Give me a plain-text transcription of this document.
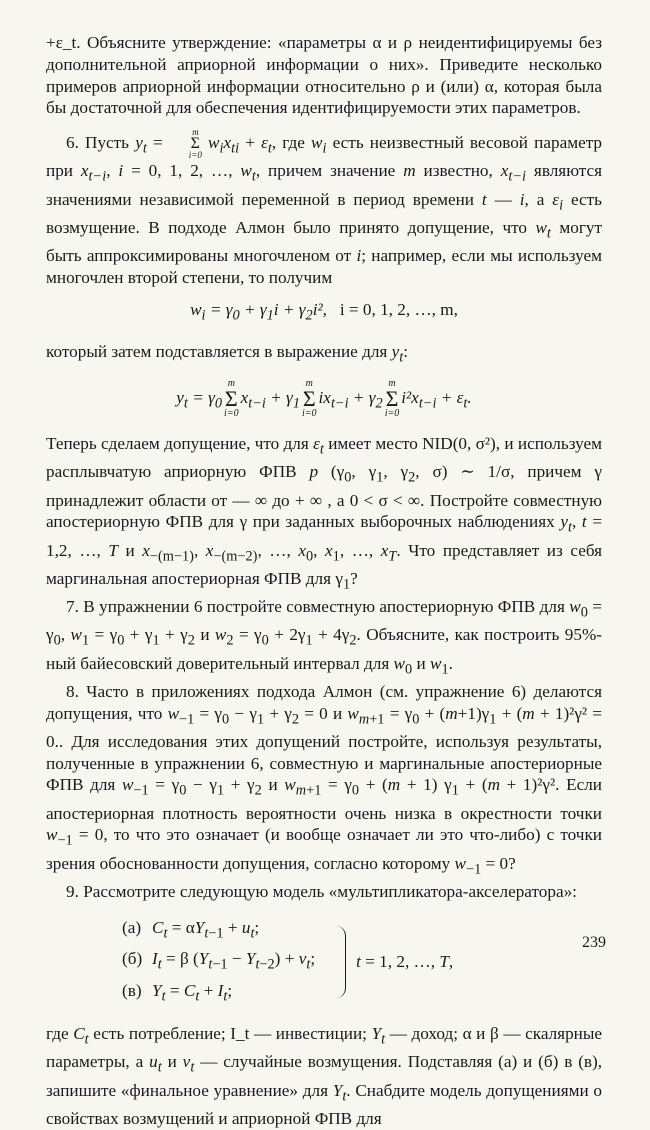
+ε_t. Объясните утверждение: «параметры α и ρ неидентифицируемы без дополнительной априорной информации о них». Приведите несколько примеров априорной информации относительно ρ и (или) α, которая была бы достаточной для обеспечения идентифицируемости этих параметров.

6. Пусть $y_t$ =
m
Σ
i=0
$w_ix_{ti} + \varepsilon_t$, где $w_i$ есть неизвестный весовой параметр при $x_{t-i}$, i = 0, 1, 2, …, $w_t$, причем значение m известно, $x_{t-i}$ являются значениями независимой переменной в период времени t — i, а $\varepsilon_i$ есть возмущение. В подходе Алмон было принято допущение, что $w_t$ могут быть аппроксимированы многочленом от i; например, если мы используем многочлен второй степени, то получим

$w_i = \gamma_0 + \gamma_1i + \gamma_2i^2$,   i = 0, 1, 2, …, m,

который затем подставляется в выражение для $y_t$:

$y_t = \gamma_0$
m
Σ
i=0
$x_{t-i} + \gamma_1$
m
Σ
i=0
$ix_{t-i} + \gamma_2$
m
Σ
i=0
$i^2x_{t-i} + \varepsilon_t$.

Теперь сделаем допущение, что для $\varepsilon_t$ имеет место NID(0, σ²), и используем расплывчатую априорную ФПВ p ($\gamma_0$, $\gamma_1$, $\gamma_2$, σ) ∼ 1/σ, причем γ принадлежит области от — ∞ до + ∞ , а 0 < σ < ∞. Постройте совместную апостериорную ФПВ для γ при заданных выборочных наблюдениях $y_t$, t = 1,2, …, T и $x_{-(m-1)}$, $x_{-(m-2)}$, …, $x_0$, $x_1$, …, $x_T$. Что представляет из себя маргинальная апостериорная ФПВ для $\gamma_1$?

7. В упражнении 6 постройте совместную апостериорную ФПВ для $w_0 = \gamma_0$, $w_1 = \gamma_0 + \gamma_1 + \gamma_2$ и $w_2 = \gamma_0 + 2\gamma_1 + 4\gamma_2$. Объясните, как построить 95%-ный байесовский доверительный интервал для $w_0$ и $w_1$.

8. Часто в приложениях подхода Алмон (см. упражнение 6) делаются допущения, что $w_{-1} = \gamma_0 - \gamma_1 + \gamma_2 = 0$ и $w_{m+1} = \gamma_0 + (m+1)\gamma_1 + (m + 1)^2\gamma^2 = 0$.. Для исследования этих допущений постройте, используя результаты, полученные в упражнении 6, совместную и маргинальные апостериорные ФПВ для $w_{-1} = \gamma_0 - \gamma_1 + \gamma_2$ и $w_{m+1} = \gamma_0 + (m + 1) \gamma_1 + (m + 1)^2\gamma^2$. Если апостериорная плотность вероятности очень низка в окрестности точки $w_{-1} = 0$, то что это означает (и вообще означает ли это что-либо) с точки зрения обоснованности допущения, согласно которому $w_{-1} = 0$?

9. Рассмотрите следующую модель «мультипликатора-акселератора»:

(а) $C_t = \alpha Y_{t-1} + u_t$;
(б) $I_t = \beta$ $(Y_{t-1} - Y_{t-2}) + v_t$;
(в) $Y_t = C_t + I_t$;
t = 1, 2, …, T,

где $C_t$ есть потребление; I_t — инвестиции; $Y_t$ — доход; α и β — скалярные параметры, а $u_t$ и $v_t$ — случайные возмущения. Подставляя (а) и (б) в (в), запишите «финальное уравнение» для $Y_t$. Снабдите модель допущениями о свойствах возмущений и априорной ФПВ для

239
